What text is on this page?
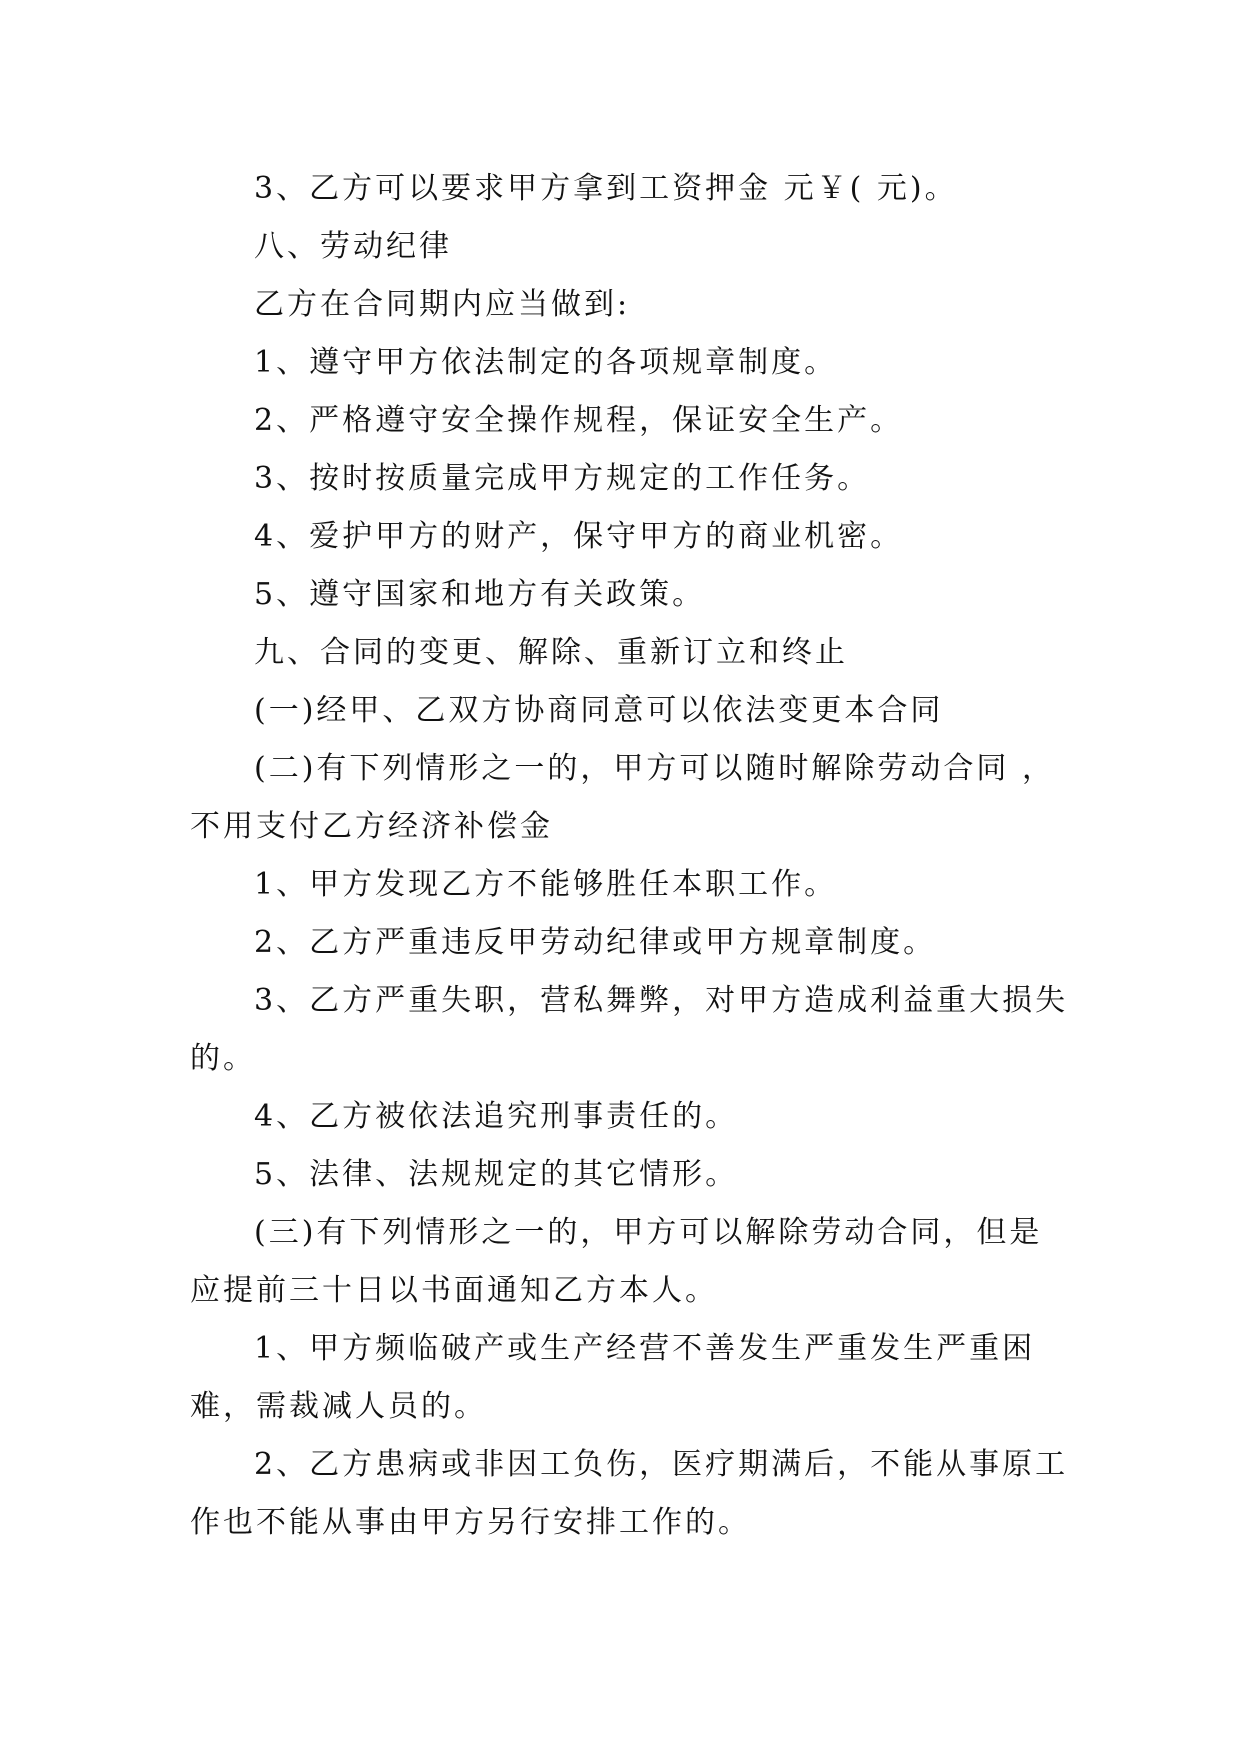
3、乙方可以要求甲方拿到工资押金 元￥( 元)。

八、劳动纪律

乙方在合同期内应当做到:

1、遵守甲方依法制定的各项规章制度。

2、严格遵守安全操作规程，保证安全生产。

3、按时按质量完成甲方规定的工作任务。

4、爱护甲方的财产，保守甲方的商业机密。

5、遵守国家和地方有关政策。

九、合同的变更、解除、重新订立和终止

(一)经甲、乙双方协商同意可以依法变更本合同

(二)有下列情形之一的，甲方可以随时解除劳动合同 ，不用支付乙方经济补偿金

1、甲方发现乙方不能够胜任本职工作。

2、乙方严重违反甲劳动纪律或甲方规章制度。

3、乙方严重失职，营私舞弊，对甲方造成利益重大损失的。

4、乙方被依法追究刑事责任的。

5、法律、法规规定的其它情形。

(三)有下列情形之一的，甲方可以解除劳动合同，但是应提前三十日以书面通知乙方本人。

1、甲方频临破产或生产经营不善发生严重发生严重困难，需裁减人员的。

2、乙方患病或非因工负伤，医疗期满后，不能从事原工作也不能从事由甲方另行安排工作的。
